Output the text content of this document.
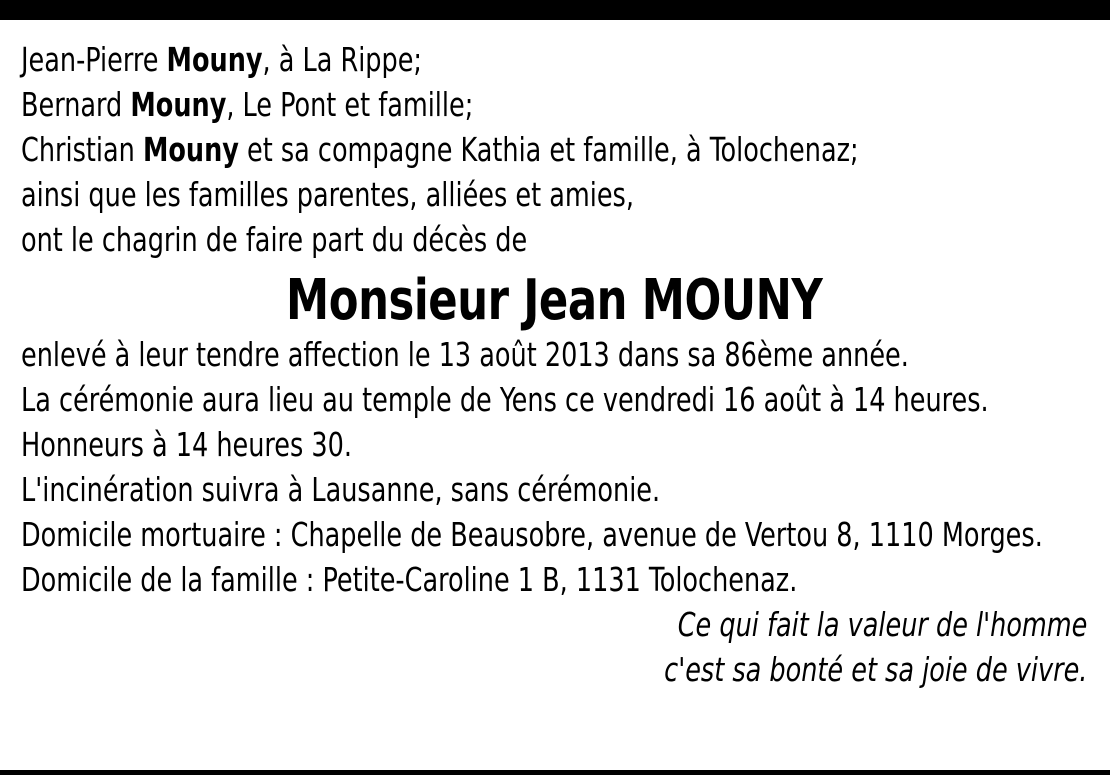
Jean-Pierre Mouny, à La Rippe;
Bernard Mouny, Le Pont et famille;
Christian Mouny et sa compagne Kathia et famille, à Tolochenaz;
ainsi que les familles parentes, alliées et amies,
ont le chagrin de faire part du décès de
Monsieur Jean MOUNY
enlevé à leur tendre affection le 13 août 2013 dans sa 86ème année.
La cérémonie aura lieu au temple de Yens ce vendredi 16 août à 14 heures.
Honneurs à 14 heures 30.
L'incinération suivra à Lausanne, sans cérémonie.
Domicile mortuaire : Chapelle de Beausobre, avenue de Vertou 8, 1110 Morges.
Domicile de la famille : Petite-Caroline 1 B, 1131 Tolochenaz.
Ce qui fait la valeur de l'homme
c'est sa bonté et sa joie de vivre.
